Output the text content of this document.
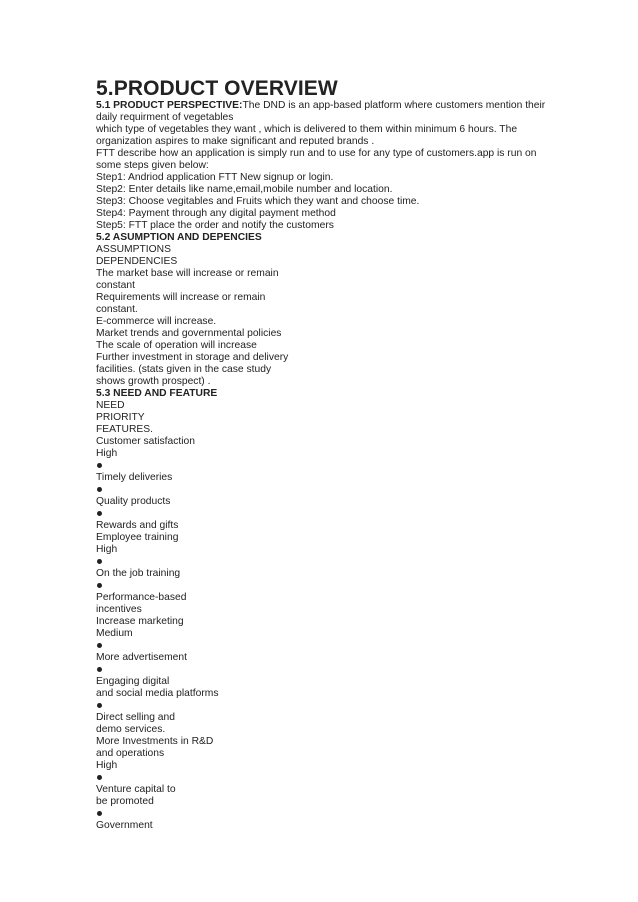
5.PRODUCT OVERVIEW

5.1 PRODUCT PERSPECTIVE:The DND is an app-based platform where customers mention their

daily requirment of vegetables

which type of vegetables they want , which is delivered to them within minimum 6 hours. The

organization aspires to make significant and reputed brands .

FTT describe how an application is simply run and to use for any type of customers.app is run on

some steps given below:

Step1: Andriod application FTT New signup or login.

Step2: Enter details like name,email,mobile number and location.

Step3: Choose vegitables and Fruits which they want and choose time.

Step4: Payment through any digital payment method

Step5: FTT place the order and notify the customers

5.2 ASUMPTION AND DEPENCIES

ASSUMPTIONS

DEPENDENCIES

The market base will increase or remain

constant

Requirements will increase or remain

constant.

E-commerce will increase.

Market trends and governmental policies

The scale of operation will increase

Further investment in storage and delivery

facilities. (stats given in the case study

shows growth prospect) .

5.3 NEED AND FEATURE

NEED

PRIORITY

FEATURES.

Customer satisfaction

High

Timely deliveries

Quality products

Rewards and gifts

Employee training

High

On the job training

Performance-based

incentives

Increase marketing

Medium

More advertisement

Engaging digital

and social media platforms

Direct selling and

demo services.

More Investments in R&D

and operations

High

Venture capital to

be promoted

Government
